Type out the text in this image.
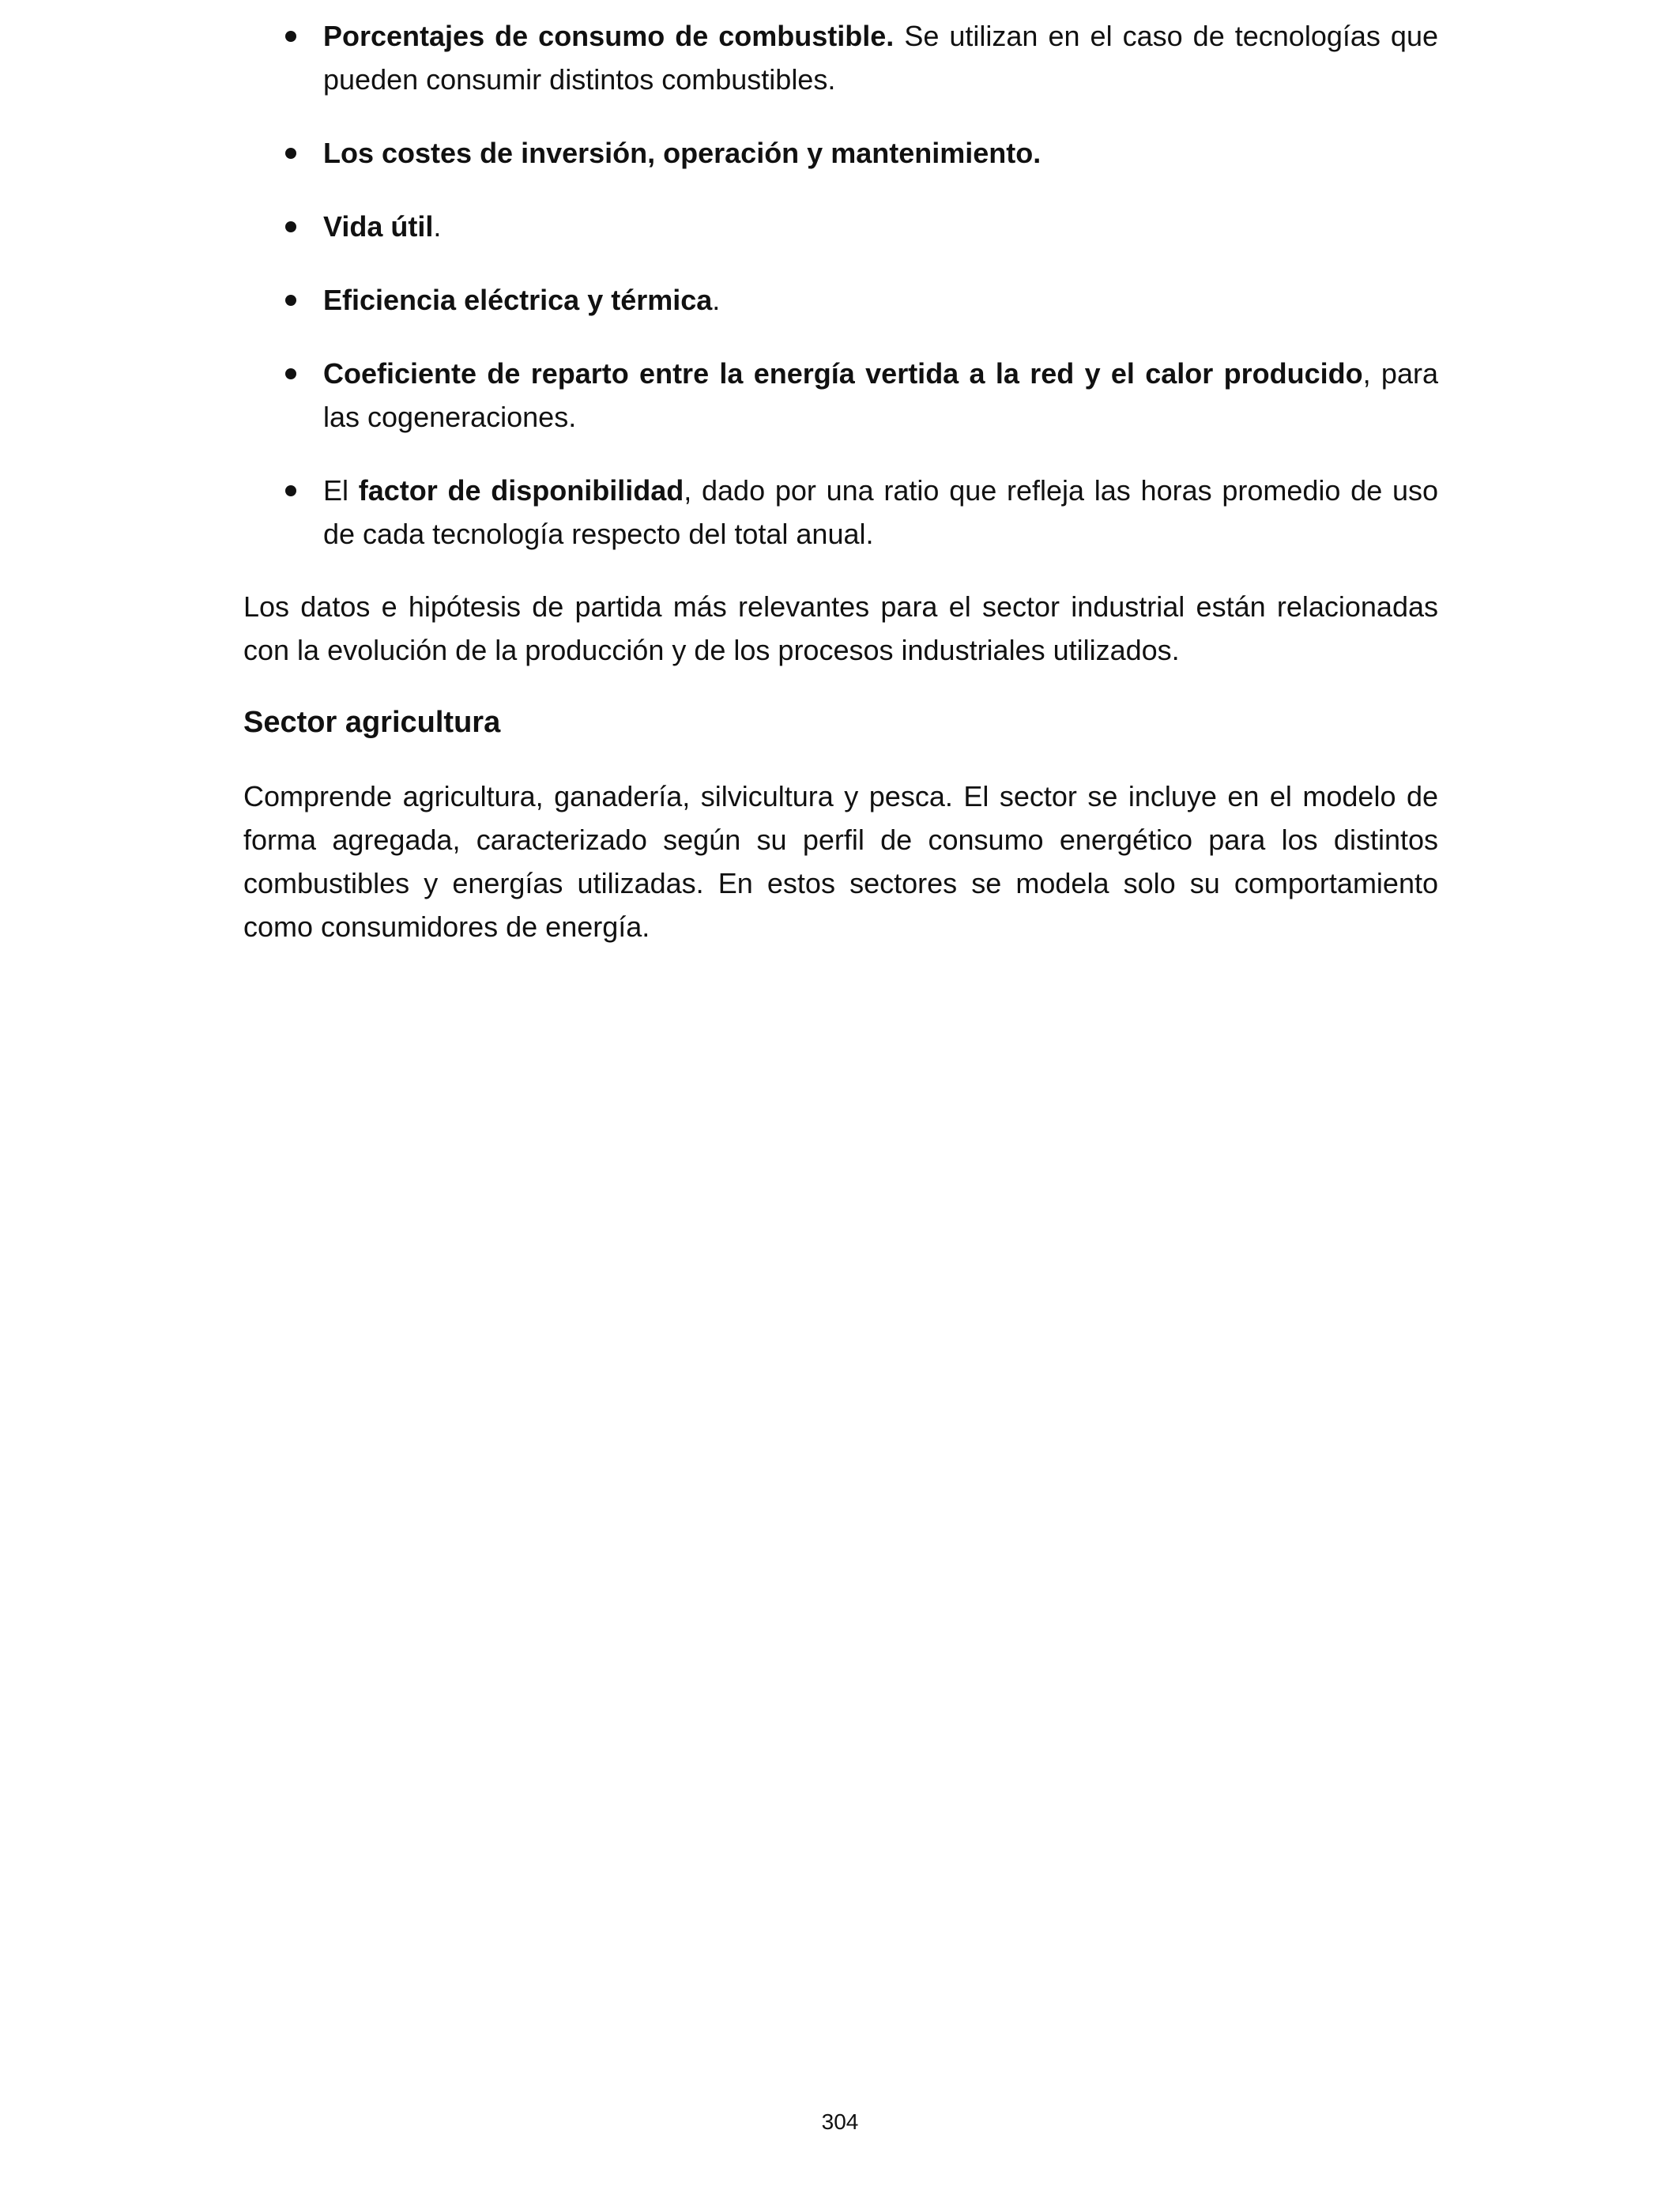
Porcentajes de consumo de combustible. Se utilizan en el caso de tecnologías que pueden consumir distintos combustibles.
Los costes de inversión, operación y mantenimiento.
Vida útil.
Eficiencia eléctrica y térmica.
Coeficiente de reparto entre la energía vertida a la red y el calor producido, para las cogeneraciones.
El factor de disponibilidad, dado por una ratio que refleja las horas promedio de uso de cada tecnología respecto del total anual.

Los datos e hipótesis de partida más relevantes para el sector industrial están relacionadas con la evolución de la producción y de los procesos industriales utilizados.

Sector agricultura

Comprende agricultura, ganadería, silvicultura y pesca. El sector se incluye en el modelo de forma agregada, caracterizado según su perfil de consumo energético para los distintos combustibles y energías utilizadas. En estos sectores se modela solo su comportamiento como consumidores de energía.

304
